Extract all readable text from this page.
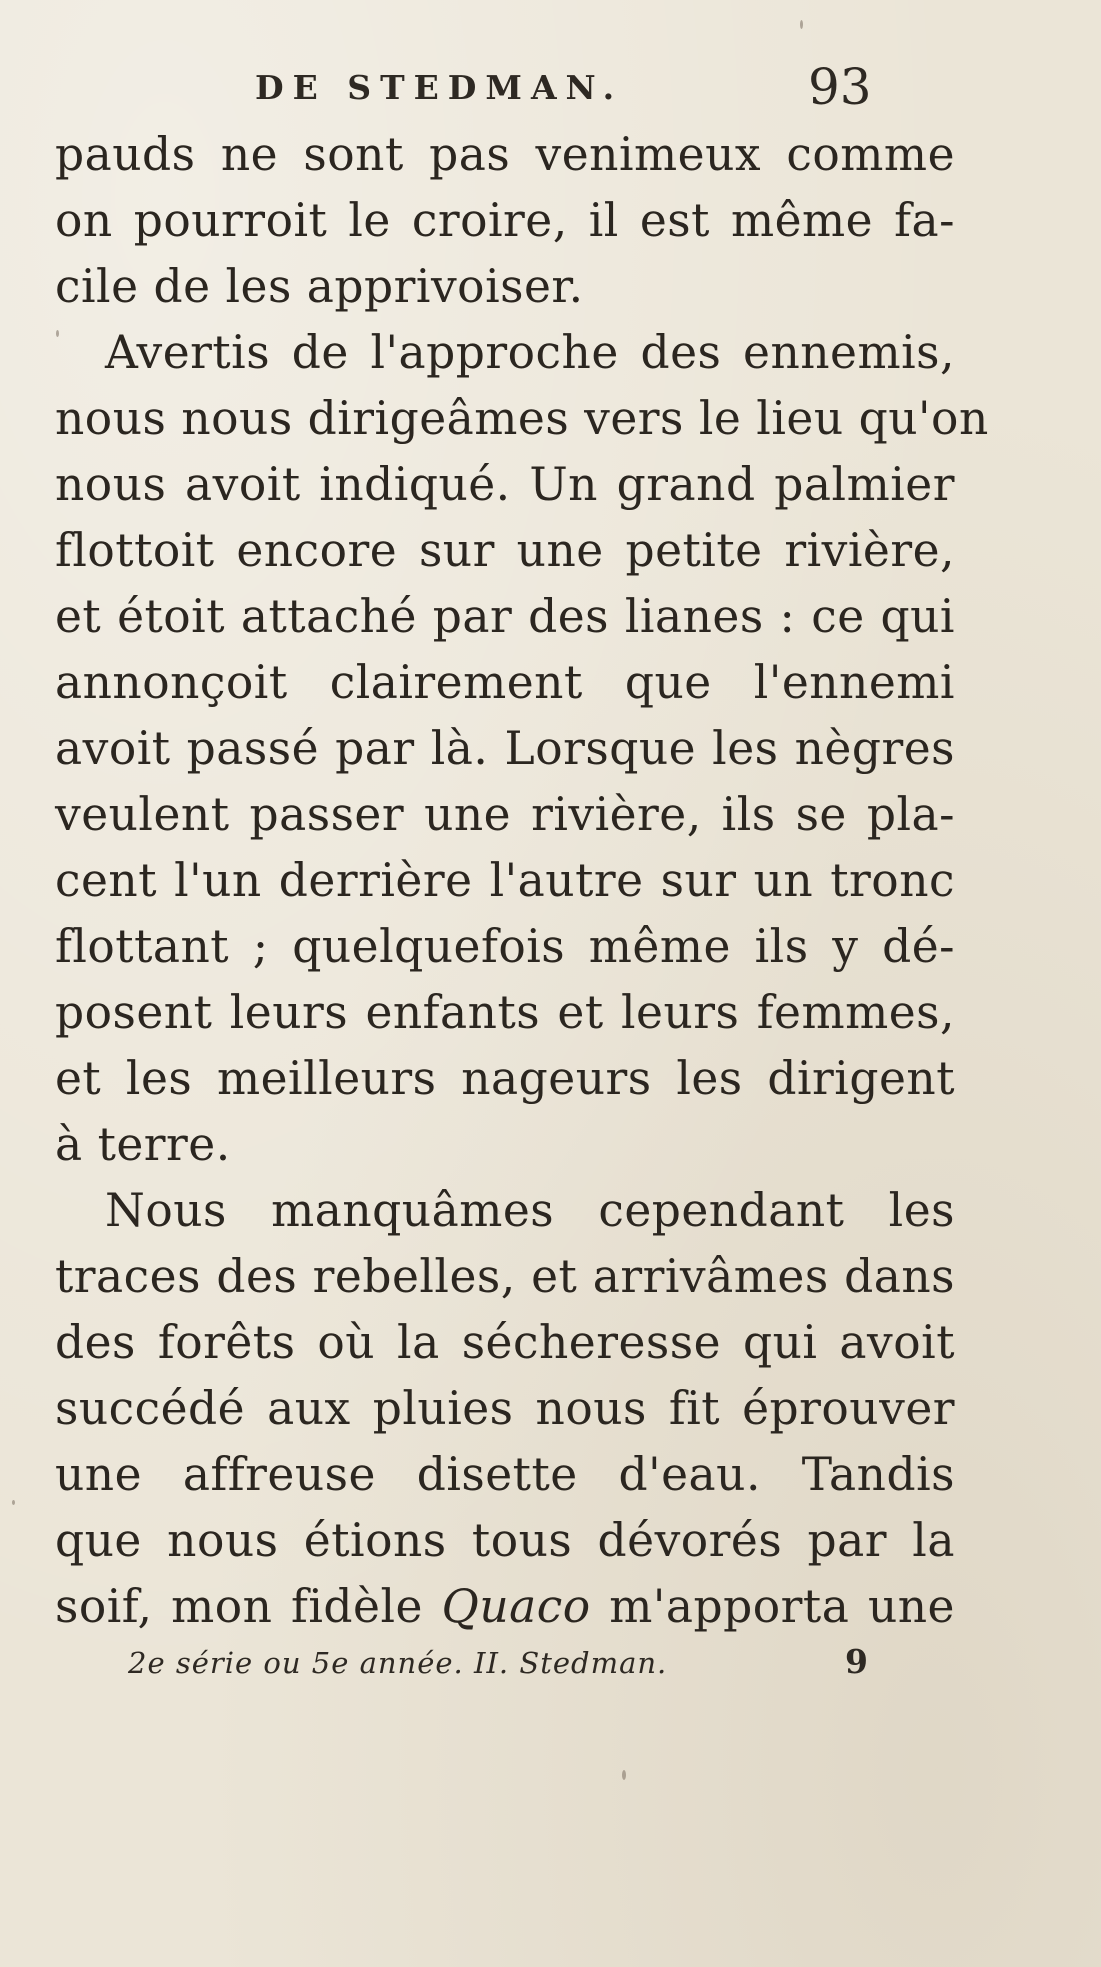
DE STEDMAN.	93
pauds ne sont pas venimeux comme
on pourroit le croire, il est même fa-
cile de les apprivoiser.
Avertis de l'approche des ennemis,
nous nous dirigeâmes vers le lieu qu'on
nous avoit indiqué. Un grand palmier
flottoit encore sur une petite rivière,
et étoit attaché par des lianes : ce qui
annonçoit clairement que l'ennemi
avoit passé par là. Lorsque les nègres
veulent passer une rivière, ils se pla-
cent l'un derrière l'autre sur un tronc
flottant ; quelquefois même ils y dé-
posent leurs enfants et leurs femmes,
et les meilleurs nageurs les dirigent
à terre.
Nous manquâmes cependant les
traces des rebelles, et arrivâmes dans
des forêts où la sécheresse qui avoit
succédé aux pluies nous fit éprouver
une affreuse disette d'eau. Tandis
que nous étions tous dévorés par la
soif, mon fidèle Quaco m'apporta une
2e série ou 5e année. II. Stedman.	9
